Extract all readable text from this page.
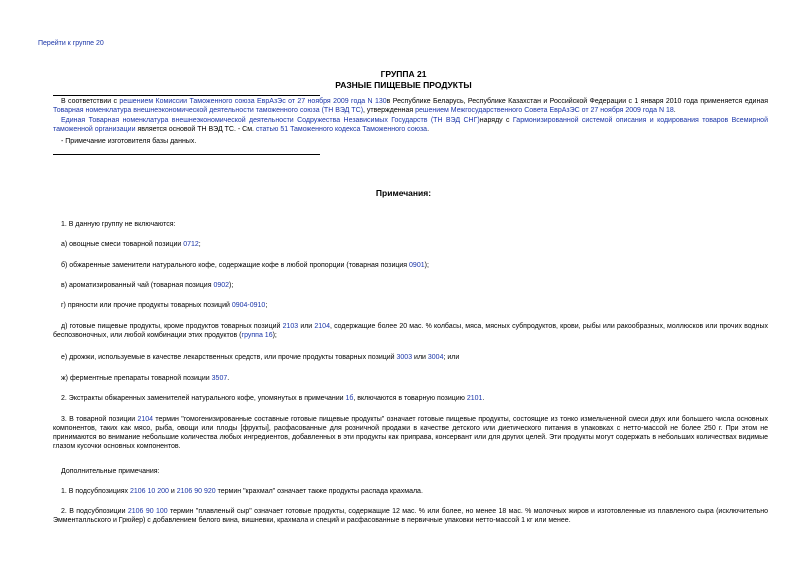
Перейти к группе 20
ГРУППА 21
РАЗНЫЕ ПИЩЕВЫЕ ПРОДУКТЫ
В соответствии с решением Комиссии Таможенного союза ЕврАзЭс от 27 ноября 2009 года N 130в Республике Беларусь, Республике Казахстан и Российской Федерации с 1 января 2010 года применяется единая Товарная номенклатура внешнеэкономической деятельности таможенного союза (ТН ВЭД ТС), утвержденная решением Межгосударственного Совета ЕврАзЭС от 27 ноября 2009 года N 18.
Единая Товарная номенклатура внешнеэкономической деятельности Содружества Независимых Государств (ТН ВЭД СНГ)наряду с Гармонизированной системой описания и кодирования товаров Всемирной таможенной организации является основой ТН ВЭД ТС. - См. статью 51 Таможенного кодекса Таможенного союза.
- Примечание изготовителя базы данных.
Примечания:
1. В данную группу не включаются:
а) овощные смеси товарной позиции 0712;
б) обжаренные заменители натурального кофе, содержащие кофе в любой пропорции (товарная позиция 0901);
в) ароматизированный чай (товарная позиция 0902);
г) пряности или прочие продукты товарных позиций 0904-0910;
д) готовые пищевые продукты, кроме продуктов товарных позиций 2103 или 2104, содержащие более 20 мас. % колбасы, мяса, мясных субпродуктов, крови, рыбы или ракообразных, моллюсков или прочих водных беспозвоночных, или любой комбинации этих продуктов (группа 16);
е) дрожжи, используемые в качестве лекарственных средств, или прочие продукты товарных позиций 3003 или 3004; или
ж) ферментные препараты товарной позиции 3507.
2. Экстракты обжаренных заменителей натурального кофе, упомянутых в примечании 1б, включаются в товарную позицию 2101.
3. В товарной позиции 2104 термин "гомогенизированные составные готовые пищевые продукты" означает готовые пищевые продукты, состоящие из тонко измельченной смеси двух или большего числа основных компонентов, таких как мясо, рыба, овощи или плоды [фрукты], расфасованные для розничной продажи в качестве детского или диетического питания в упаковках с нетто-массой не более 250 г. При этом не принимаются во внимание небольшие количества любых ингредиентов, добавленных в эти продукты как приправа, консервант или для других целей. Эти продукты могут содержать в небольших количествах видимые глазом кусочки основных компонентов.
Дополнительные примечания:
1. В подсубпозициях 2106 10 200 и 2106 90 920 термин "крахмал" означает также продукты распада крахмала.
2. В подсубпозиции 2106 90 100 термин "плавленый сыр" означает готовые продукты, содержащие 12 мас. % или более, но менее 18 мас. % молочных жиров и изготовленные из плавленого сыра (исключительно Эмменталльского и Грюйер) с добавлением белого вина, вишневки, крахмала и специй и расфасованные в первичные упаковки нетто-массой 1 кг или менее.
